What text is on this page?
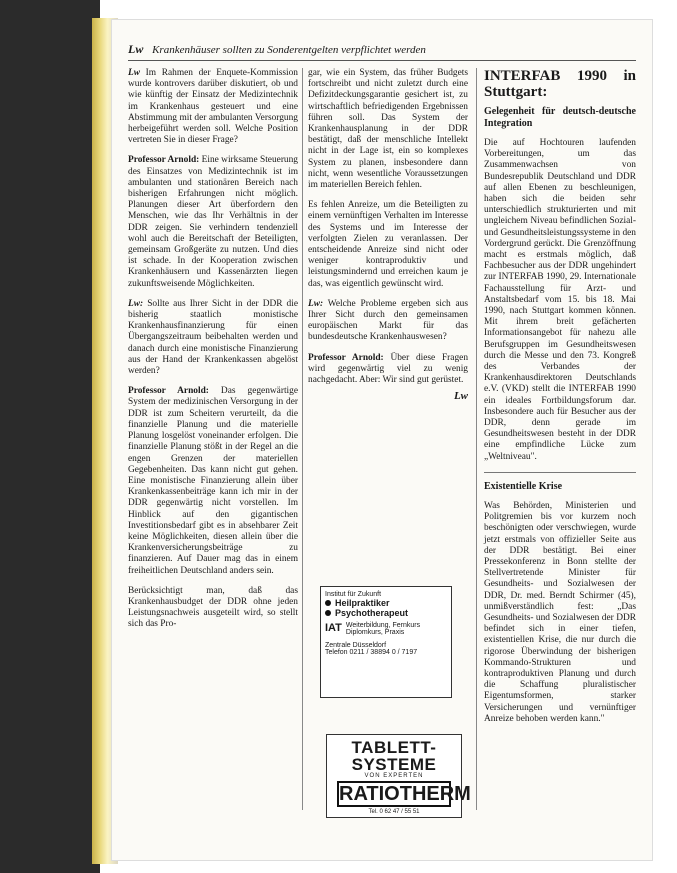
Lw Krankenhäuser sollten zu Sonderentgelten verpflichtet werden

Lw Im Rahmen der Enquete-Kommission wurde kontrovers darüber diskutiert, ob und wie künftig der Einsatz der Medizintechnik im Krankenhaus gesteuert und eine Abstimmung mit der ambulanten Versorgung herbeigeführt werden soll. Welche Position vertreten Sie in dieser Frage?

Professor Arnold: Eine wirksame Steuerung des Einsatzes von Medizintechnik ist im ambulanten und stationären Bereich nach bisherigen Erfahrungen nicht möglich. Planungen dieser Art überfordern den Menschen, wie das Ihr Verhältnis in der DDR zeigen. Sie verhindern tendenziell wohl auch die Bereitschaft der Beteiligten, gemeinsam Großgeräte zu nutzen. Und dies ist schade. In der Kooperation zwischen Krankenhäusern und Kassenärzten liegen zukunftsweisende Möglichkeiten.

Lw: Sollte aus Ihrer Sicht in der DDR die bisherig staatlich monistische Krankenhausfinanzierung für einen Übergangszeitraum beibehalten werden und danach durch eine monistische Finanzierung aus der Hand der Krankenkassen abgelöst werden?

Professor Arnold: Das gegenwärtige System der medizinischen Versorgung in der DDR ist zum Scheitern verurteilt, da die finanzielle Planung und die materielle Planung losgelöst voneinander erfolgen. Die finanzielle Planung stößt in der Regel an die engen Grenzen der materiellen Gegebenheiten. Das kann nicht gut gehen. Eine monistische Finanzierung allein über Krankenkassenbeiträge kann ich mir in der DDR gegenwärtig nicht vorstellen. Im Hinblick auf den gigantischen Investitionsbedarf gibt es in absehbarer Zeit keine Möglichkeiten, diesen allein über die Krankenversicherungsbeiträge zu finanzieren. Auf Dauer mag das in einem freiheitlichen Deutschland anders sein.

Berücksichtigt man, daß das Krankenhausbudget der DDR ohne jeden Leistungsnachweis ausgeteilt wird, so stellt sich das Pro-

gar, wie ein System, das früher Budgets fortschreibt und nicht zuletzt durch eine Defizitdeckungsgarantie gesichert ist, zu wirtschaftlich befriedigenden Ergebnissen führen soll. Das System der Krankenhausplanung in der DDR bestätigt, daß der menschliche Intellekt nicht in der Lage ist, ein so komplexes System zu planen, insbesondere dann nicht, wenn wesentliche Voraussetzungen im materiellen Bereich fehlen.

Es fehlen Anreize, um die Beteiligten zu einem vernünftigen Verhalten im Interesse des Systems und im Interesse der verfolgten Zielen zu veranlassen. Der entscheidende Anreize sind nicht oder weniger kontraproduktiv und leistungsmindernd und erreichen kaum je das, was eigentlich gewünscht wird.

Lw: Welche Probleme ergeben sich aus Ihrer Sicht durch den gemeinsamen europäischen Markt für das bundesdeutsche Krankenhauswesen?

Professor Arnold: Über diese Fragen wird gegenwärtig viel zu wenig nachgedacht. Aber: Wir sind gut gerüstet.

Lw
Institut für Zukunft
Heilpraktiker
Psychotherapeut
IAT Weiterbildung, Fernkurs
Diplomkurs, Praxis
Zentrale Düsseldorf
Telefon 0211 / 38894 0 / 7197
TABLETT-
SYSTEME
VON EXPERTEN
RATIOTHERM
Tel. 0 62 47 / 55 51
INTERFAB 1990 in Stuttgart:
Gelegenheit für deutsch-deutsche Integration

Die auf Hochtouren laufenden Vorbereitungen, um das Zusammenwachsen von Bundesrepublik Deutschland und DDR auf allen Ebenen zu beschleunigen, haben sich die beiden sehr unterschiedlich strukturierten und mit ungleichem Niveau befindlichen Sozial- und Gesundheitsleistungssysteme in den Vordergrund gerückt. Die Grenzöffnung macht es erstmals möglich, daß Fachbesucher aus der DDR ungehindert zur INTERFAB 1990, 29. Internationale Fachausstellung für Arzt- und Anstaltsbedarf vom 15. bis 18. Mai 1990, nach Stuttgart kommen können. Mit ihrem breit gefächerten Informationsangebot für nahezu alle Berufsgruppen im Gesundheitswesen durch die Messe und den 73. Kongreß des Verbandes der Krankenhausdirektoren Deutschlands e.V. (VKD) stellt die INTERFAB 1990 ein ideales Fortbildungsforum dar. Insbesondere auch für Besucher aus der DDR, denn gerade im Gesundheitswesen besteht in der DDR eine empfindliche Lücke zum „Weltniveau".

Existentielle Krise

Was Behörden, Ministerien und Politgremien bis vor kurzem noch beschönigten oder verschwiegen, wurde jetzt erstmals von offizieller Seite aus der DDR bestätigt. Bei einer Pressekonferenz in Bonn stellte der Stellvertretende Minister für Gesundheits- und Sozialwesen der DDR, Dr. med. Berndt Schirmer (45), unmißverständlich fest: „Das Gesundheits- und Sozialwesen der DDR befindet sich in einer tiefen, existentiellen Krise, die nur durch die rigorose Überwindung der bisherigen Kommando-Strukturen und kontraproduktiven Planung und durch die Schaffung pluralistischer Eigentumsformen, starker Versicherungen und vernünftiger Anreize behoben werden kann."
